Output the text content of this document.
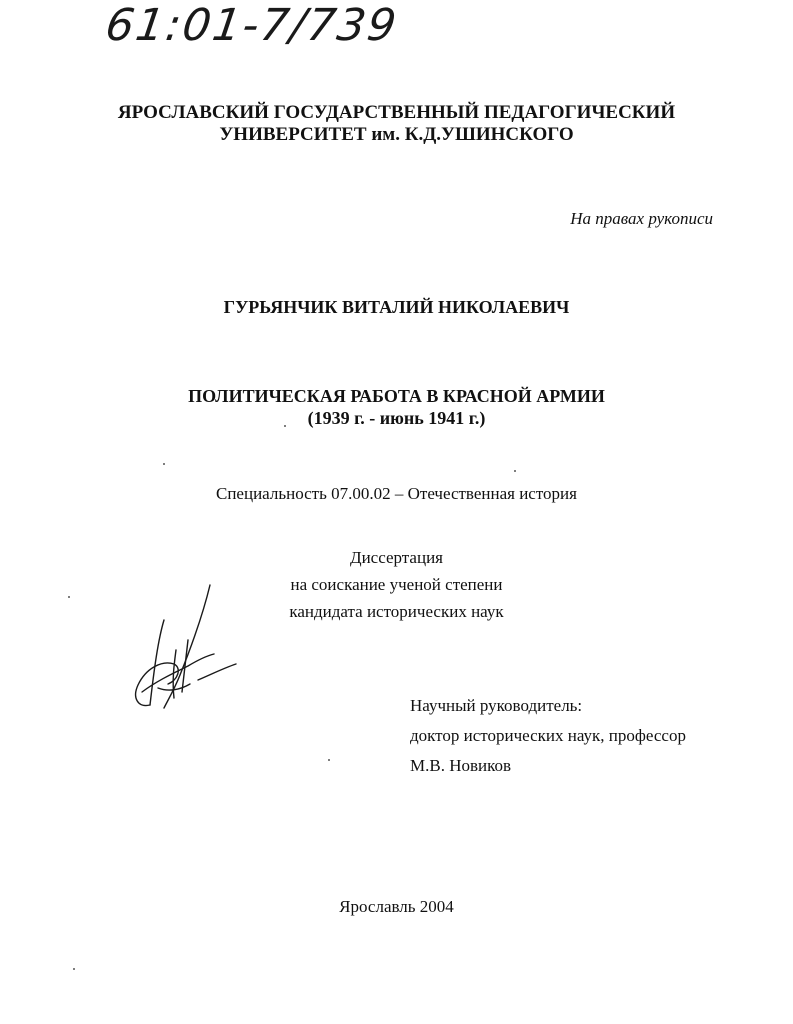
61:01-7/739
ЯРОСЛАВСКИЙ ГОСУДАРСТВЕННЫЙ ПЕДАГОГИЧЕСКИЙ
УНИВЕРСИТЕТ им. К.Д.УШИНСКОГО
На правах рукописи
ГУРЬЯНЧИК ВИТАЛИЙ НИКОЛАЕВИЧ
ПОЛИТИЧЕСКАЯ РАБОТА В КРАСНОЙ АРМИИ
(1939 г. - июнь 1941 г.)
Специальность 07.00.02 – Отечественная история
Диссертация
на соискание ученой степени
кандидата исторических наук
Научный руководитель:
доктор исторических наук, профессор
М.В. Новиков
Ярославль 2004
